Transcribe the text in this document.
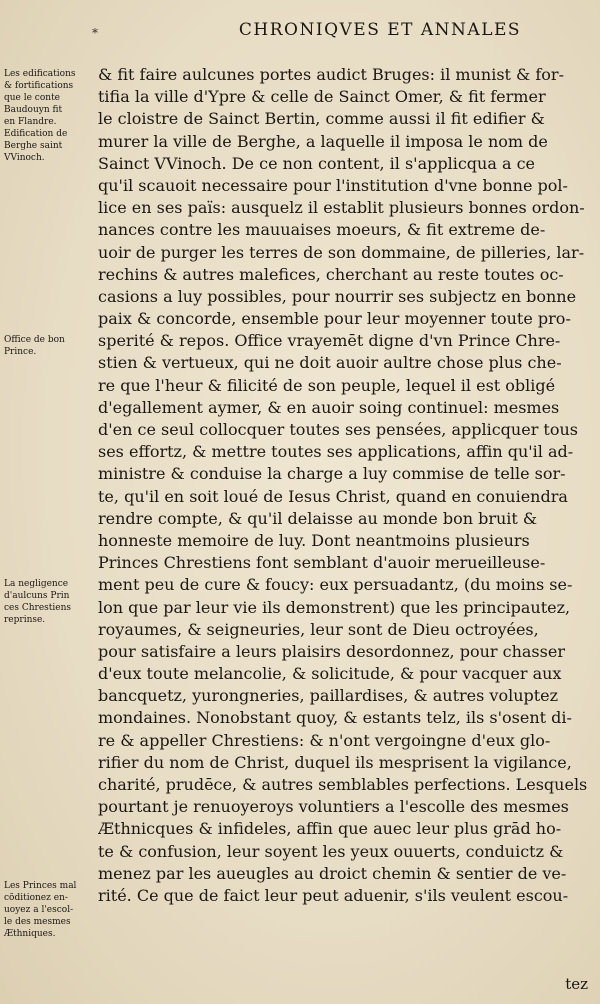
*	CHRONIQVES ET ANNALES
Les edifications
& fortifications
que le conte
Baudouyn fit
en Flandre.
Edification de
Berghe saint
VVinoch.
Office de bon
Prince.
La negligence
d'aulcuns Prin
ces Chrestiens
reprinse.
Les Princes mal
cōditionez en-
uoyez a l'escol-
le des mesmes
Æthniques.
& fit faire aulcunes portes audict Bruges: il munist & for-
tifia la ville d'Ypre & celle de Sainct Omer, & fit fermer
le cloistre de Sainct Bertin, comme aussi il fit edifier &
murer la ville de Berghe, a laquelle il imposa le nom de
Sainct VVinoch. De ce non content, il s'applicqua a ce
qu'il scauoit necessaire pour l'institution d'vne bonne pol-
lice en ses païs: ausquelz il establit plusieurs bonnes ordon-
nances contre les mauuaises moeurs, & fit extreme de-
uoir de purger les terres de son dommaine, de pilleries, lar-
rechins & autres malefices, cherchant au reste toutes oc-
casions a luy possibles, pour nourrir ses subjectz en bonne
paix & concorde, ensemble pour leur moyenner toute pro-
sperité & repos. Office vrayemēt digne d'vn Prince Chre-
stien & vertueux, qui ne doit auoir aultre chose plus che-
re que l'heur & filicité de son peuple, lequel il est obligé
d'egallement aymer, & en auoir soing continuel: mesmes
d'en ce seul collocquer toutes ses pensées, applicquer tous
ses effortz, & mettre toutes ses applications, affin qu'il ad-
ministre & conduise la charge a luy commise de telle sor-
te, qu'il en soit loué de Iesus Christ, quand en conuiendra
rendre compte, & qu'il delaisse au monde bon bruit &
honneste memoire de luy. Dont neantmoins plusieurs
Princes Chrestiens font semblant d'auoir merueilleuse-
ment peu de cure & foucy: eux persuadantz, (du moins se-
lon que par leur vie ils demonstrent) que les principautez,
royaumes, & seigneuries, leur sont de Dieu octroyées,
pour satisfaire a leurs plaisirs desordonnez, pour chasser
d'eux toute melancolie, & solicitude, & pour vacquer aux
bancquetz, yurongneries, paillardises, & autres voluptez
mondaines. Nonobstant quoy, & estants telz, ils s'osent di-
re & appeller Chrestiens: & n'ont vergoingne d'eux glo-
rifier du nom de Christ, duquel ils mesprisent la vigilance,
charité, prudēce, & autres semblables perfections. Lesquels
pourtant je renuoyeroys voluntiers a l'escolle des mesmes
Æthnicques & infideles, affin que auec leur plus grād ho-
te & confusion, leur soyent les yeux ouuerts, conduictz &
menez par les aueugles au droict chemin & sentier de ve-
rité. Ce que de faict leur peut aduenir, s'ils veulent escou-
tez
